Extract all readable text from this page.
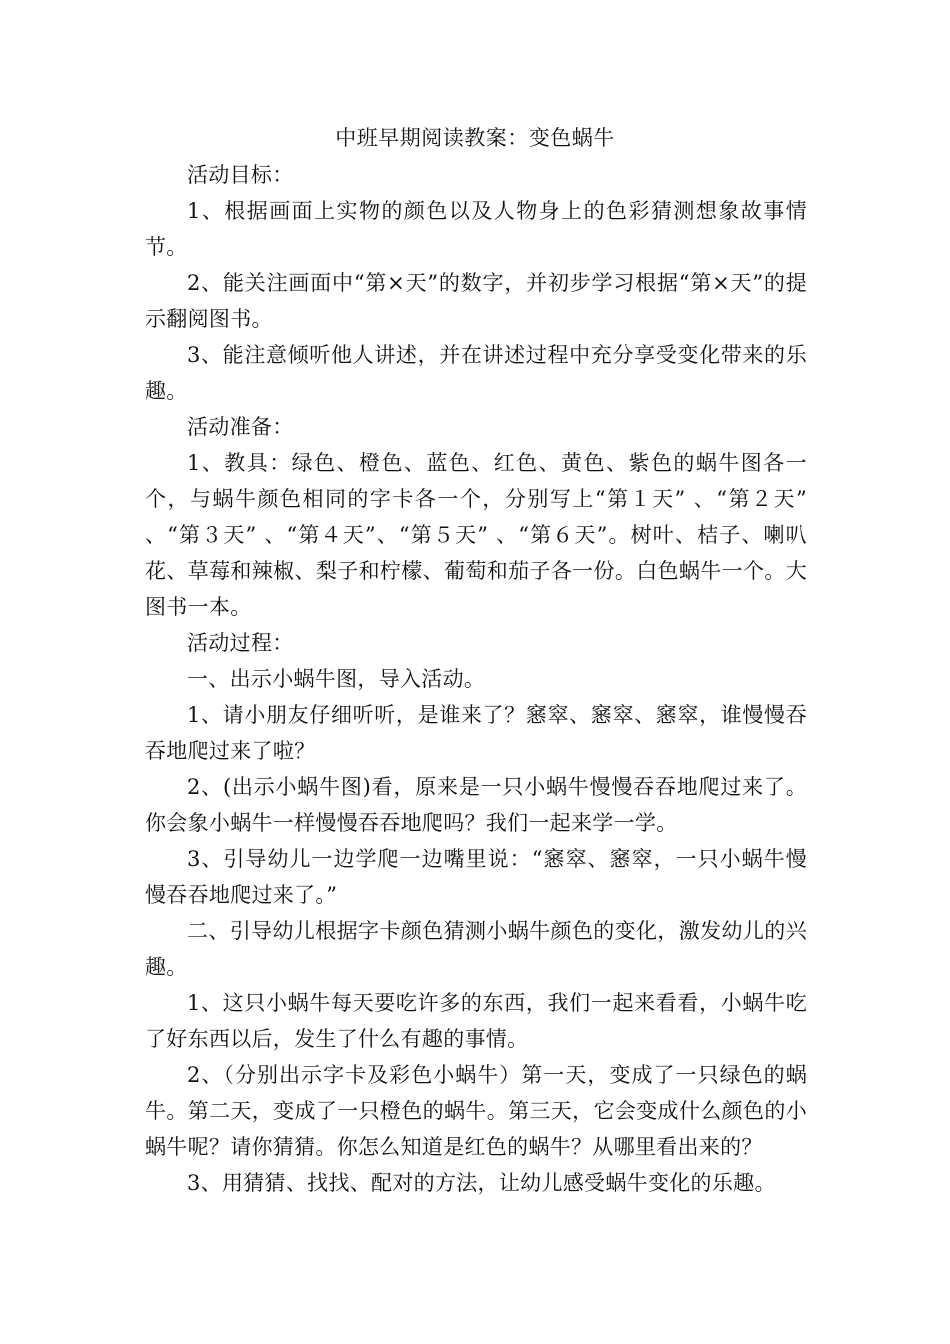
中班早期阅读教案：变色蜗牛

活动目标：

1、根据画面上实物的颜色以及人物身上的色彩猜测想象故事情节。

2、能关注画面中“第×天”的数字，并初步学习根据“第×天”的提示翻阅图书。

3、能注意倾听他人讲述，并在讲述过程中充分享受变化带来的乐趣。

活动准备：

1、教具：绿色、橙色、蓝色、红色、黄色、紫色的蜗牛图各一个，与蜗牛颜色相同的字卡各一个，分别写上“第１天” 、“第２天” 、“第３天” 、“第４天”、“第５天” 、“第６天”。树叶、桔子、喇叭花、草莓和辣椒、梨子和柠檬、葡萄和茄子各一份。白色蜗牛一个。大图书一本。

活动过程：

一、出示小蜗牛图，导入活动。

1、请小朋友仔细听听，是谁来了？窸窣、窸窣、窸窣，谁慢慢吞吞地爬过来了啦？

2、(出示小蜗牛图)看，原来是一只小蜗牛慢慢吞吞地爬过来了。你会象小蜗牛一样慢慢吞吞地爬吗？我们一起来学一学。

3、引导幼儿一边学爬一边嘴里说：“窸窣、窸窣，一只小蜗牛慢慢吞吞地爬过来了。”

二、引导幼儿根据字卡颜色猜测小蜗牛颜色的变化，激发幼儿的兴趣。

1、这只小蜗牛每天要吃许多的东西，我们一起来看看，小蜗牛吃了好东西以后，发生了什么有趣的事情。

2、（分别出示字卡及彩色小蜗牛）第一天，变成了一只绿色的蜗牛。第二天，变成了一只橙色的蜗牛。第三天，它会变成什么颜色的小蜗牛呢？请你猜猜。你怎么知道是红色的蜗牛？从哪里看出来的？

3、用猜猜、找找、配对的方法，让幼儿感受蜗牛变化的乐趣。
